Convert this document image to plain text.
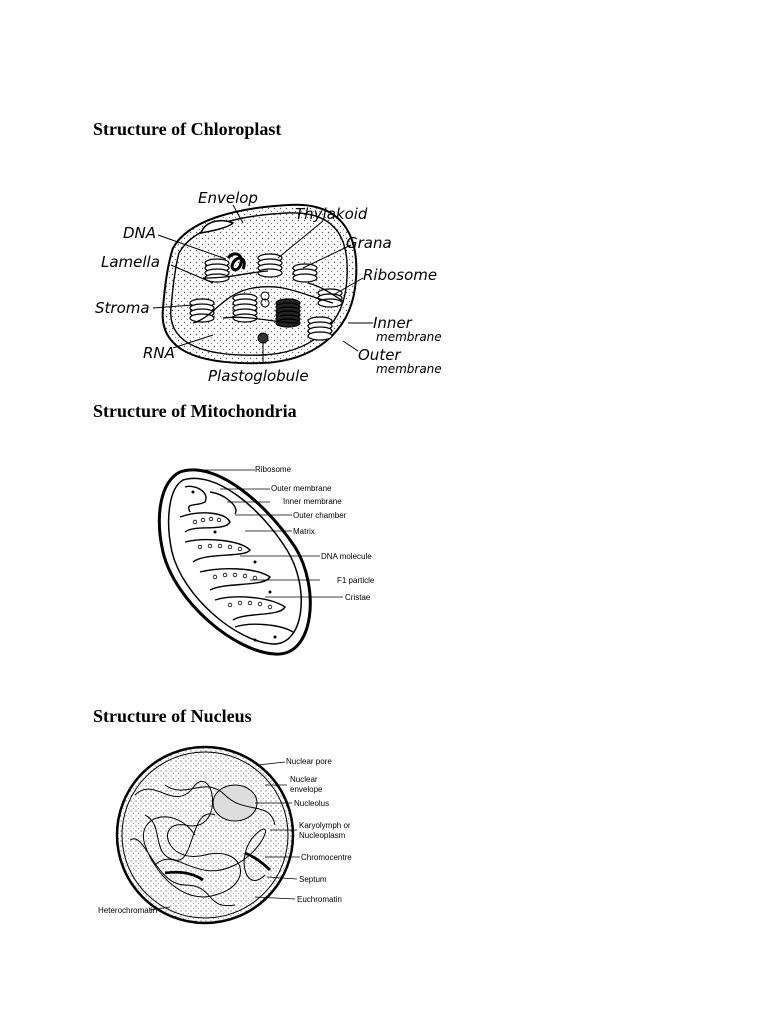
Structure of Chloroplast
Envelop
Thylakoid
DNA
Grana
Lamella
Ribosome
Stroma
Inner
membrane
RNA	Outer
membrane
Plastoglobule
Structure of Mitochondria
Ribosome
Outer membrane
Inner membrane
Outer chamber
Matrix
DNA molecule
F1 particle
Cristae
Structure of Nucleus
Nuclear pore
Nuclear
envelope
Nucleolus
Karyolymph or
Nucleoplasm
Chromocentre
Septum
Euchromatin
Heterochromatin
